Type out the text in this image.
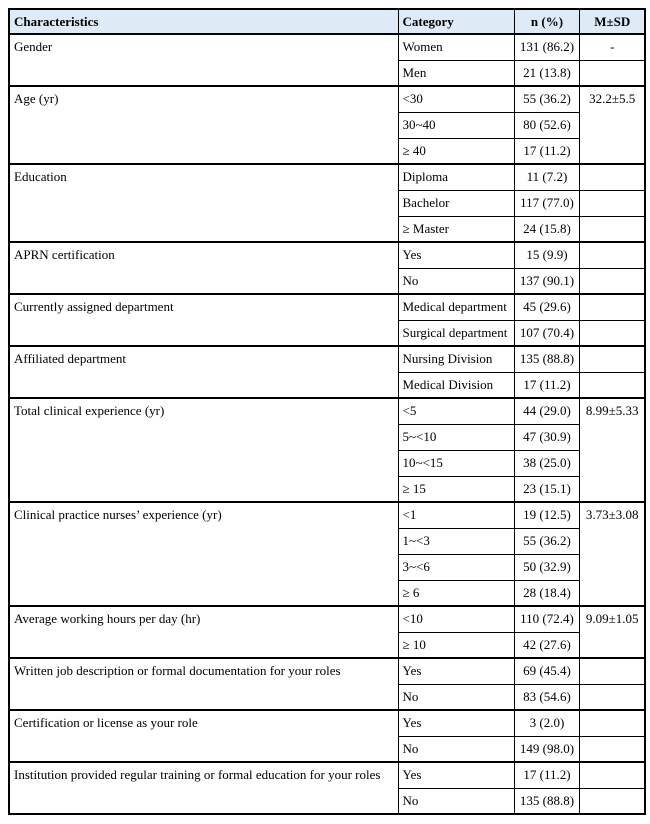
Characteristics	Category	n (%)	M±SD
Gender	Women	131 (86.2)	-
	Men	21 (13.8)	
Age (yr)	<30	55 (36.2)	32.2±5.5
	30~40	80 (52.6)	
	≥ 40	17 (11.2)	
Education	Diploma	11 (7.2)	
	Bachelor	117 (77.0)	
	≥ Master	24 (15.8)	
APRN certification	Yes	15 (9.9)	
	No	137 (90.1)	
Currently assigned department	Medical department	45 (29.6)	
	Surgical department	107 (70.4)	
Affiliated department	Nursing Division	135 (88.8)	
	Medical Division	17 (11.2)	
Total clinical experience (yr)	<5	44 (29.0)	8.99±5.33
	5~<10	47 (30.9)	
	10~<15	38 (25.0)	
	≥ 15	23 (15.1)	
Clinical practice nurses’ experience (yr)	<1	19 (12.5)	3.73±3.08
	1~<3	55 (36.2)	
	3~<6	50 (32.9)	
	≥ 6	28 (18.4)	
Average working hours per day (hr)	<10	110 (72.4)	9.09±1.05
	≥ 10	42 (27.6)	
Written job description or formal documentation for your roles	Yes	69 (45.4)	
	No	83 (54.6)	
Certification or license as your role	Yes	3 (2.0)	
	No	149 (98.0)	
Institution provided regular training or formal education for your roles	Yes	17 (11.2)	
	No	135 (88.8)	
